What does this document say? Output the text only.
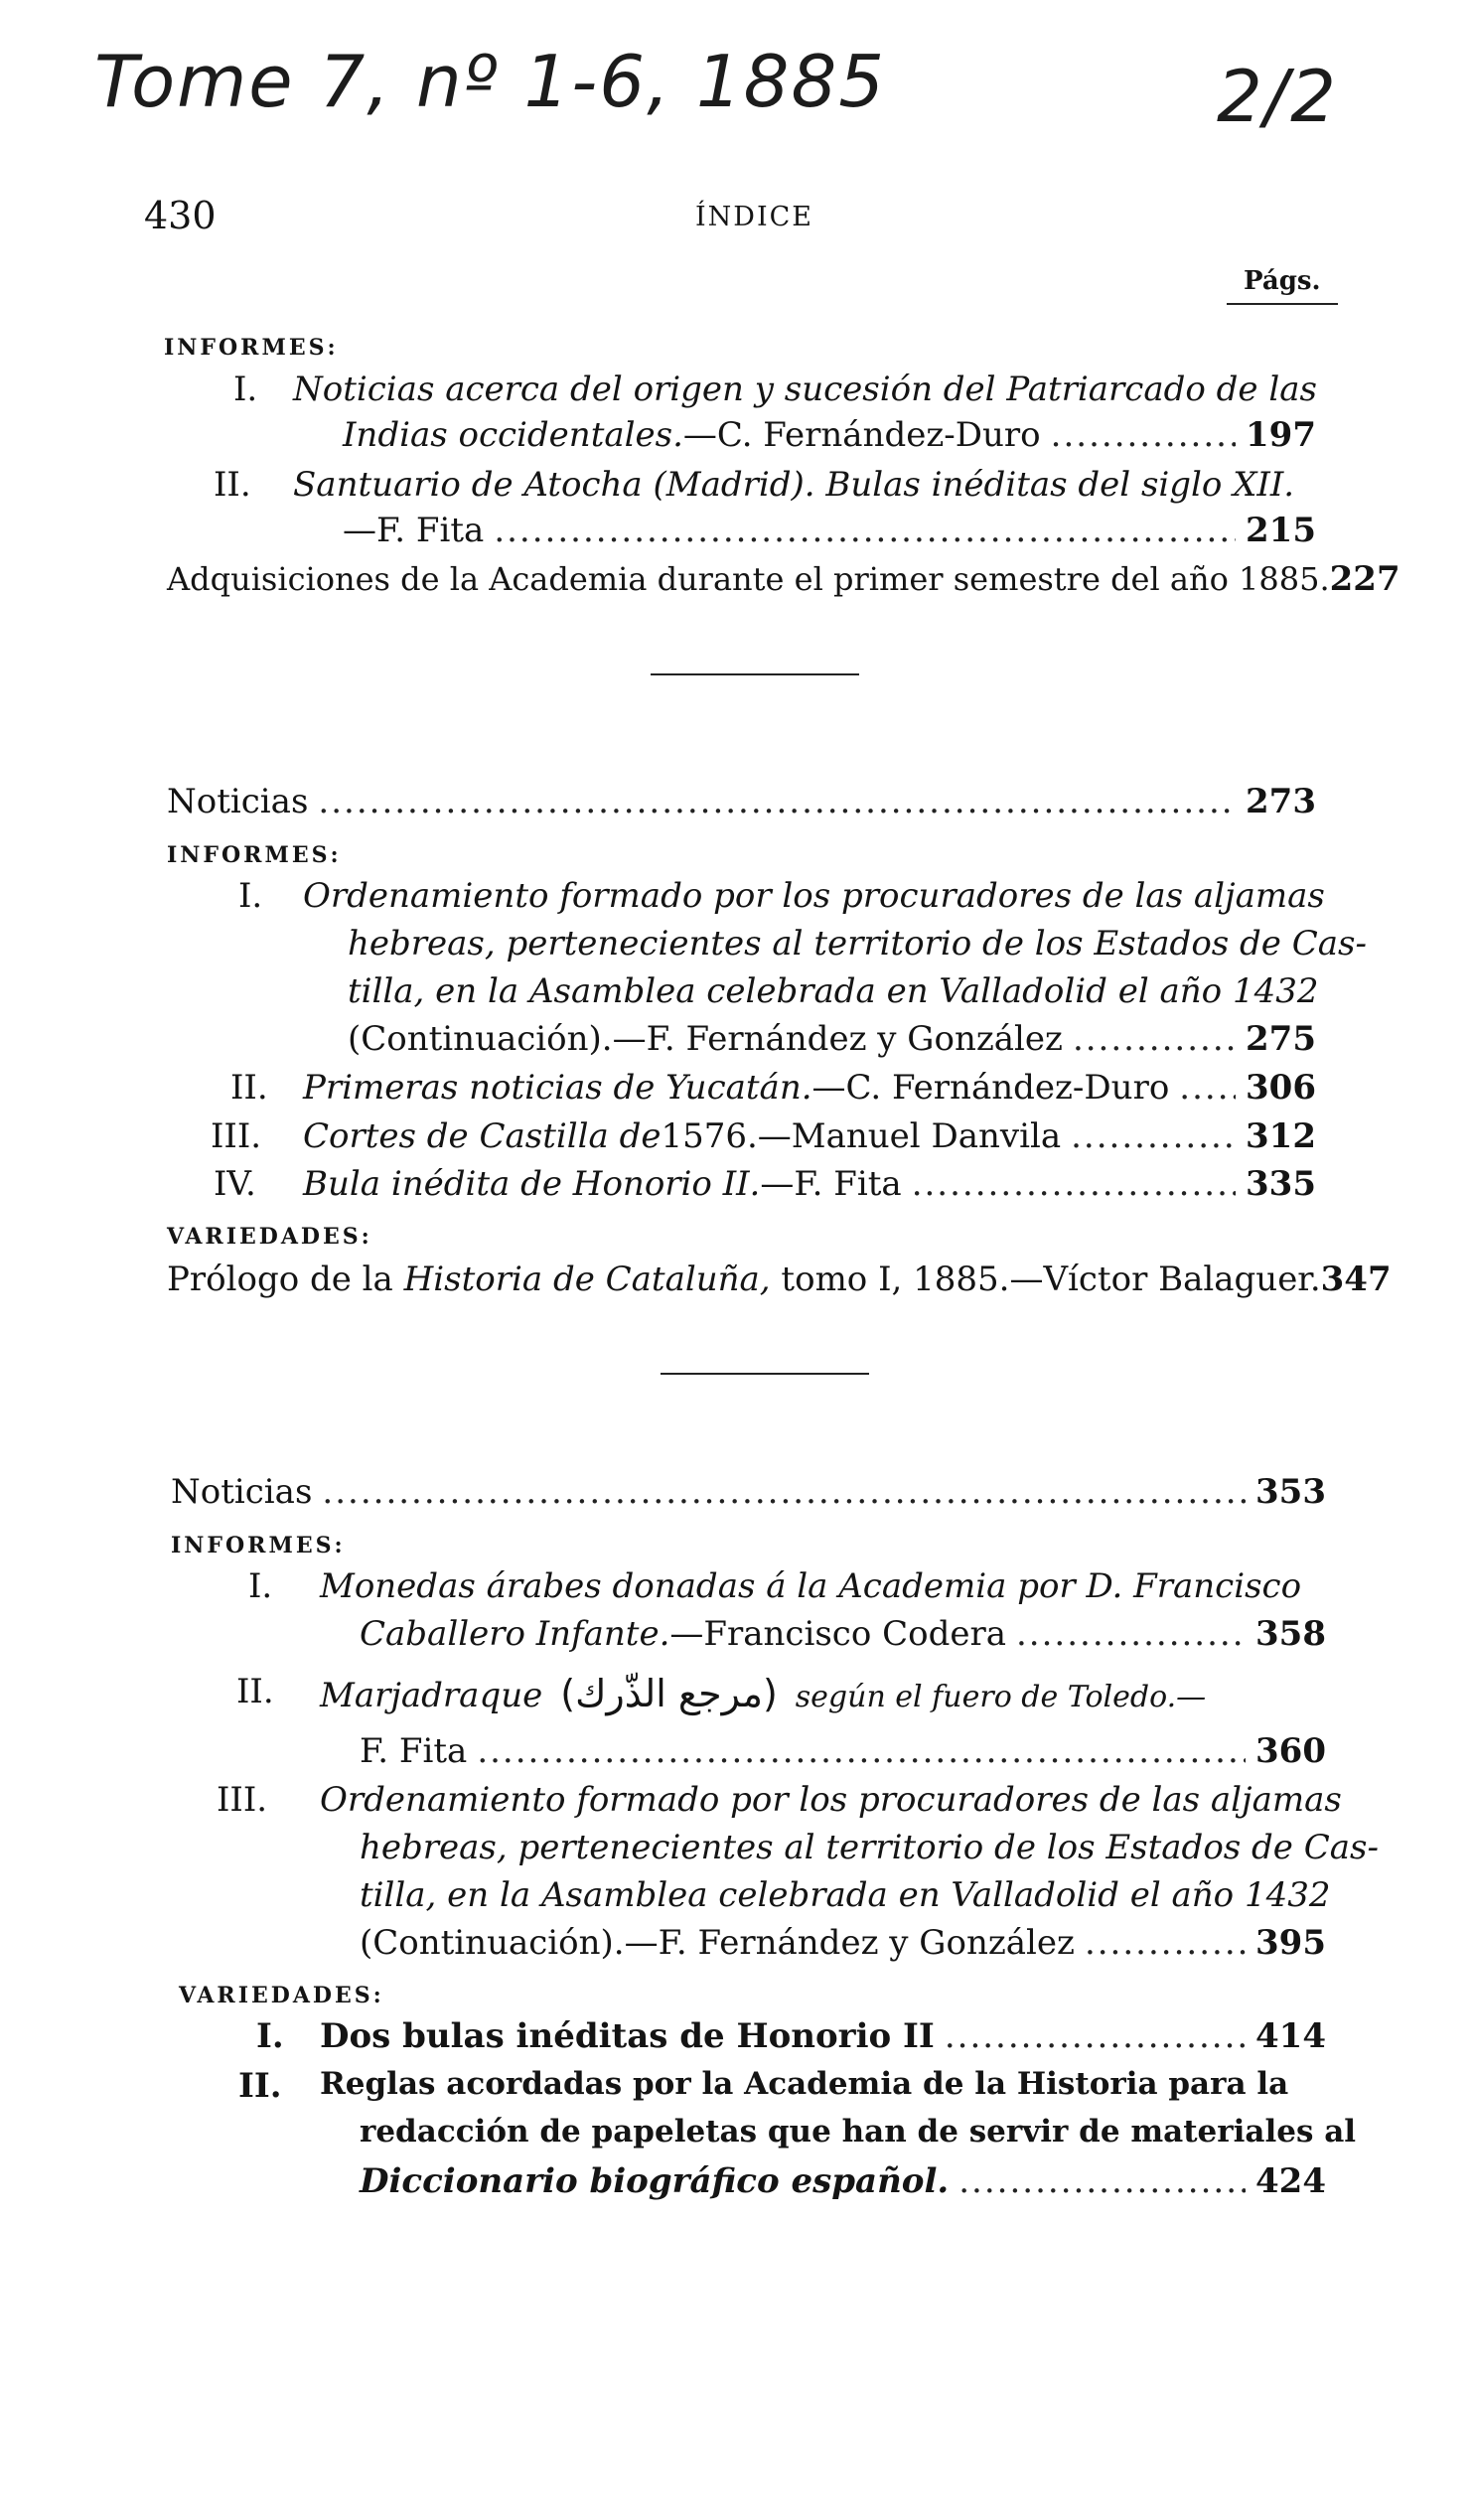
Tome 7, nº 1-6, 1885	2/2
430	ÍNDICE
Págs.
INFORMES:
I. Noticias acerca del origen y sucesión del Patriarcado de las
Indias occidentales. —C. Fernández-Duro .....	197
II. Santuario de Atocha (Madrid). Bulas inéditas del siglo XII.
—F. Fita .....	215
Adquisiciones de la Academia durante el primer semestre del año 1885. 227
Noticias .....	273
INFORMES:
I. Ordenamiento formado por los procuradores de las aljamas
hebreas, pertenecientes al territorio de los Estados de Cas-
tilla, en la Asamblea celebrada en Valladolid el año 1432
(Continuación).—F. Fernández y González .....	275
II. Primeras noticias de Yucatán. —C. Fernández-Duro ..... 306
III. Cortes de Castilla de 1576.—Manuel Danvila .....	312
IV. Bula inédita de Honorio II. —F. Fita .....	335
VARIEDADES:
Prólogo de la Historia de Cataluña, tomo I, 1885.—Víctor Balaguer. 347
Noticias .....	353
INFORMES:
I. Monedas árabes donadas á la Academia por D. Francisco
Caballero Infante. —Francisco Codera .....	358
II. Marjadraque (مرجع الذّرك) según el fuero de Toledo.—
F. Fita .....	360
III. Ordenamiento formado por los procuradores de las aljamas
hebreas, pertenecientes al territorio de los Estados de Cas-
tilla, en la Asamblea celebrada en Valladolid el año 1432
(Continuación).—F. Fernández y González .....	395
VARIEDADES:
I. Dos bulas inéditas de Honorio II .....	414
II. Reglas acordadas por la Academia de la Historia para la
redacción de papeletas que han de servir de materiales al
Diccionario biográfico español. .....	424
